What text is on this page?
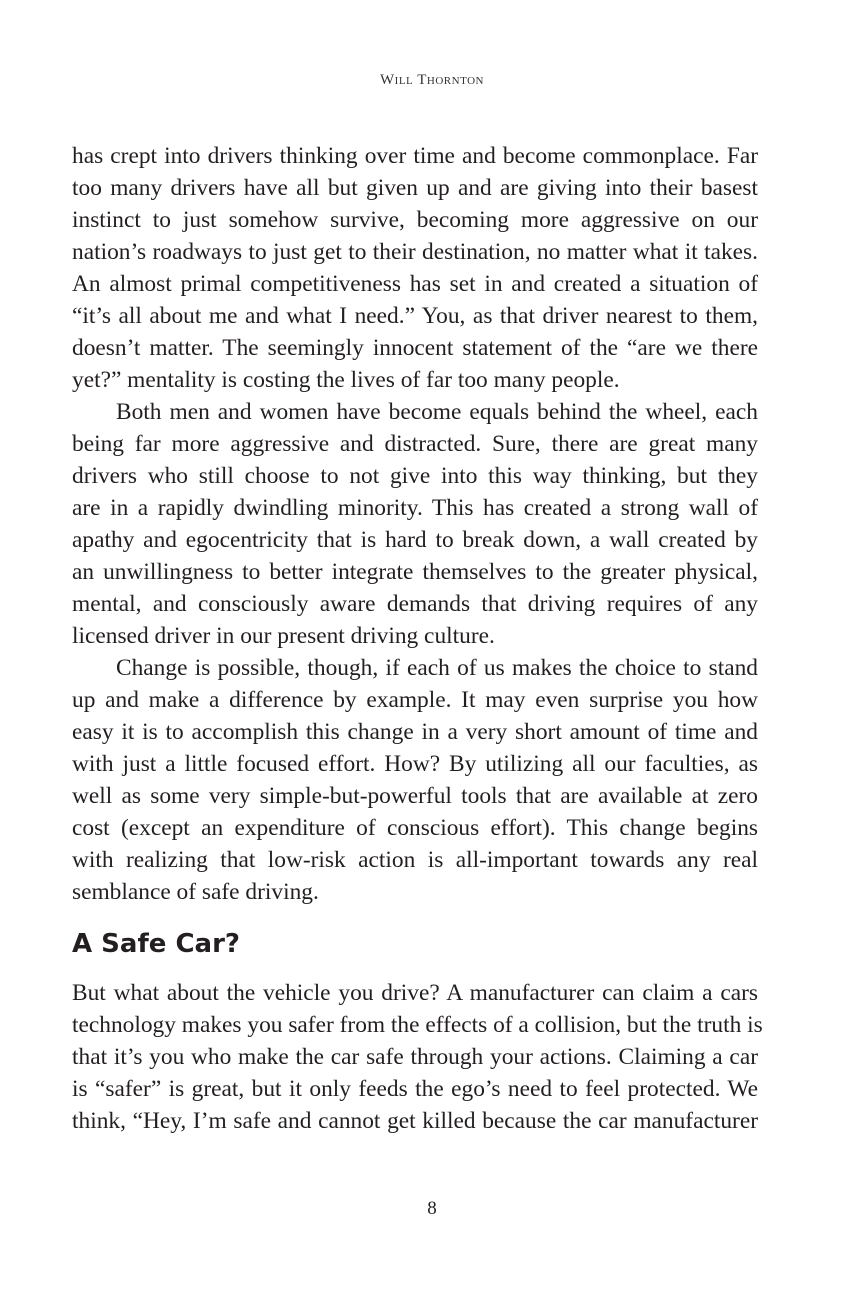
Will Thornton
has crept into drivers thinking over time and become commonplace. Far
too many drivers have all but given up and are giving into their basest
instinct to just somehow survive, becoming more aggressive on our
nation’s roadways to just get to their destination, no matter what it takes.
An almost primal competitiveness has set in and created a situation of
“it’s all about me and what I need.” You, as that driver nearest to them,
doesn’t matter. The seemingly innocent statement of the “are we there
yet?” mentality is costing the lives of far too many people.
Both men and women have become equals behind the wheel, each
being far more aggressive and distracted. Sure, there are great many
drivers who still choose to not give into this way thinking, but they
are in a rapidly dwindling minority. This has created a strong wall of
apathy and egocentricity that is hard to break down, a wall created by
an unwillingness to better integrate themselves to the greater physical,
mental, and consciously aware demands that driving requires of any
licensed driver in our present driving culture.
Change is possible, though, if each of us makes the choice to stand
up and make a difference by example. It may even surprise you how
easy it is to accomplish this change in a very short amount of time and
with just a little focused effort. How? By utilizing all our faculties, as
well as some very simple-but-powerful tools that are available at zero
cost (except an expenditure of conscious effort). This change begins
with realizing that low-risk action is all-important towards any real
semblance of safe driving.
A Safe Car?
But what about the vehicle you drive? A manufacturer can claim a cars
technology makes you safer from the effects of a collision, but the truth is
that it’s you who make the car safe through your actions. Claiming a car
is “safer” is great, but it only feeds the ego’s need to feel protected. We
think, “Hey, I’m safe and cannot get killed because the car manufacturer
8
